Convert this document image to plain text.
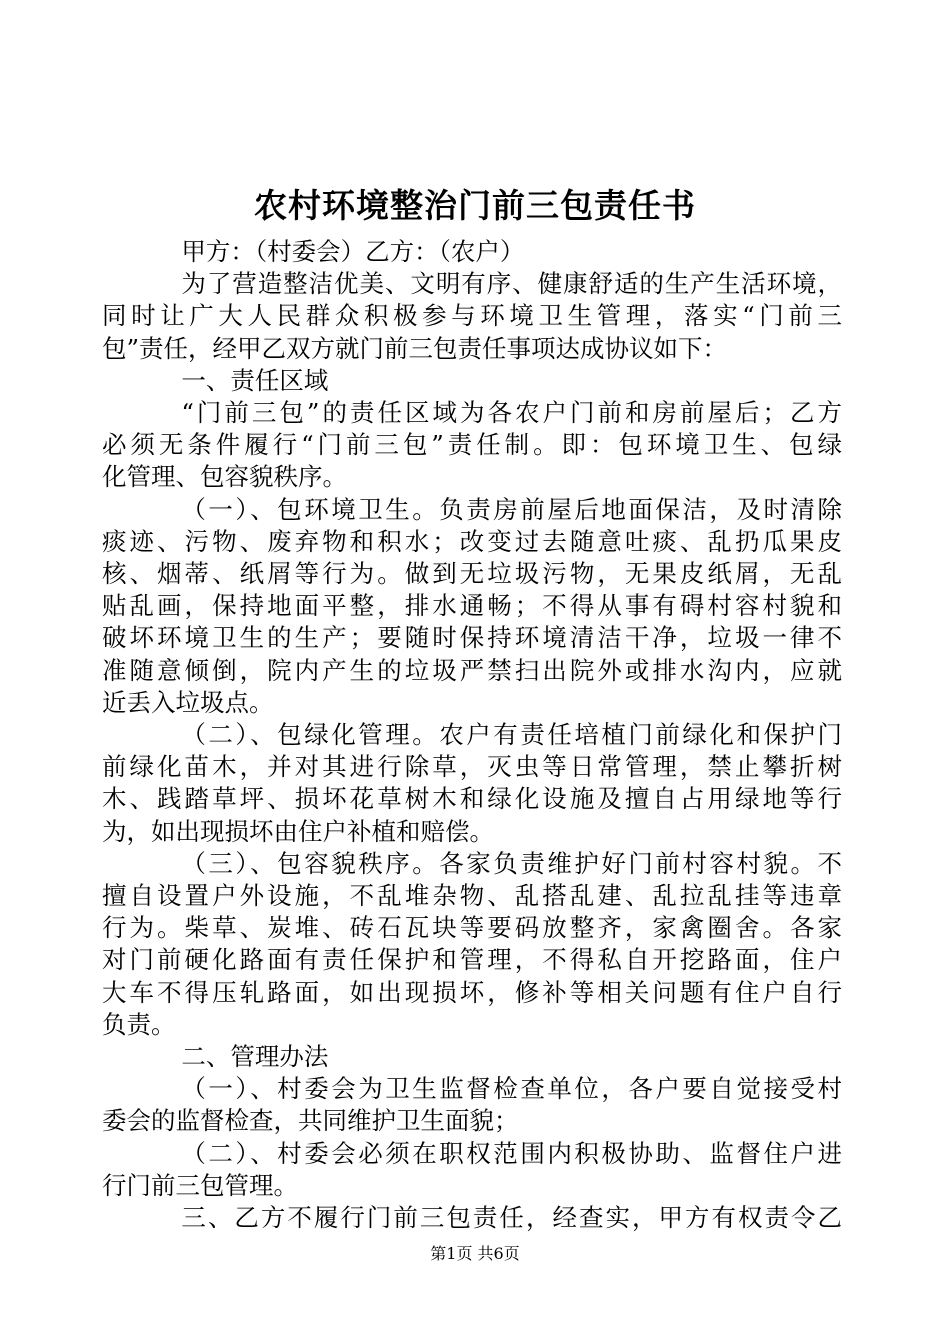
农村环境整治门前三包责任书
甲方：（村委会）乙方：（农户）
为了营造整洁优美、文明有序、健康舒适的生产生活环境，
同时让广大人民群众积极参与环境卫生管理，落实“门前三
包”责任，经甲乙双方就门前三包责任事项达成协议如下：
一、责任区域
“门前三包”的责任区域为各农户门前和房前屋后；乙方
必须无条件履行“门前三包”责任制。即：包环境卫生、包绿
化管理、包容貌秩序。
（一）、包环境卫生。负责房前屋后地面保洁，及时清除
痰迹、污物、废弃物和积水；改变过去随意吐痰、乱扔瓜果皮
核、烟蒂、纸屑等行为。做到无垃圾污物，无果皮纸屑，无乱
贴乱画，保持地面平整，排水通畅；不得从事有碍村容村貌和
破坏环境卫生的生产；要随时保持环境清洁干净，垃圾一律不
准随意倾倒，院内产生的垃圾严禁扫出院外或排水沟内，应就
近丢入垃圾点。
（二）、包绿化管理。农户有责任培植门前绿化和保护门
前绿化苗木，并对其进行除草，灭虫等日常管理，禁止攀折树
木、践踏草坪、损坏花草树木和绿化设施及擅自占用绿地等行
为，如出现损坏由住户补植和赔偿。
（三）、包容貌秩序。各家负责维护好门前村容村貌。不
擅自设置户外设施，不乱堆杂物、乱搭乱建、乱拉乱挂等违章
行为。柴草、炭堆、砖石瓦块等要码放整齐，家禽圈舍。各家
对门前硬化路面有责任保护和管理，不得私自开挖路面，住户
大车不得压轧路面，如出现损坏，修补等相关问题有住户自行
负责。
二、管理办法
（一）、村委会为卫生监督检查单位，各户要自觉接受村
委会的监督检查，共同维护卫生面貌；
（二）、村委会必须在职权范围内积极协助、监督住户进
行门前三包管理。
三、乙方不履行门前三包责任，经查实，甲方有权责令乙
第1页 共6页
